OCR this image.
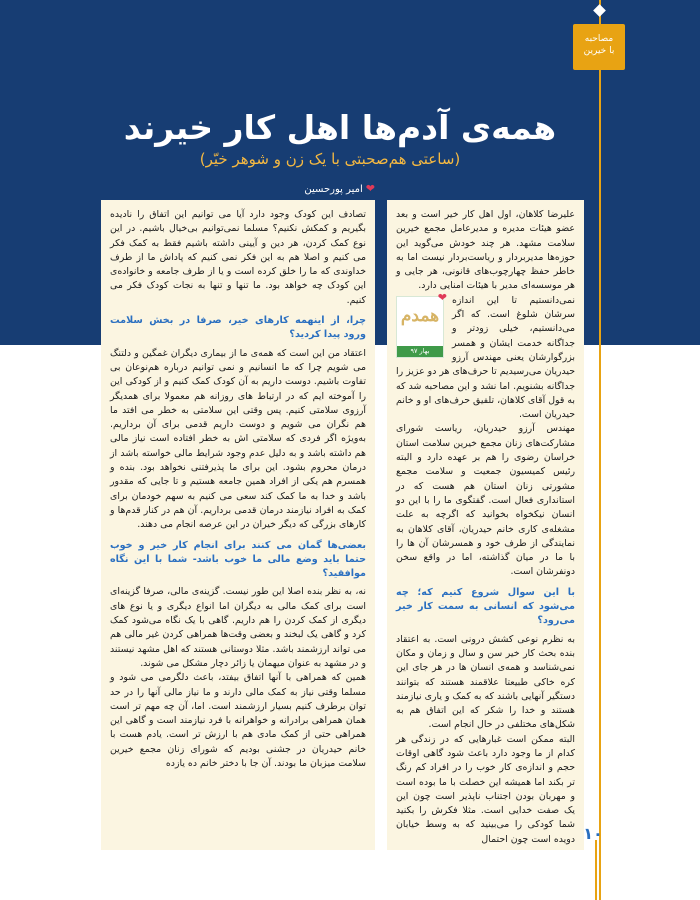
مصاحبه
با خیرین
همه‌ی آدم‌ها اهل کار خیرند
(ساعتی هم‌صحبتی با یک زن و شوهر خیّر)
❤امیر پورحسین

علیرضا کلاهان، اول اهل کار خیر است و بعد عضو هیئات مدیره و مدیرعامل مجمع خیرین سلامت مشهد. هر چند خودش می‌گوید این حوزه‌ها مدیربردار و ریاست‌بردار نیست اما به خاطر حفظ چهارچوب‌های قانونی، هر جایی و هر موسسه‌ای مدیر با هیئات امنایی دارد.

❤
همدم
بهار ۹۷

نمی‌دانستیم تا این اندازه سرشان شلوغ است. که اگر می‌دانستیم، خیلی زودتر و جداگانه خدمت ایشان و همسر بزرگوارشان یعنی مهندس آرزو حیدریان می‌رسیدیم تا حرف‌های هر دو عزیز را جداگانه بشنویم. اما نشد و این مصاحبه شد که به قول آقای کلاهان، تلفیق حرف‌های او و خانم حیدریان است.

مهندس آرزو حیدریان، ریاست شورای مشارکت‌های زنان مجمع خیرین سلامت استان خراسان رضوی را هم بر عهده دارد و البته رئیس کمیسیون جمعیت و سلامت مجمع مشورتی زنان استان هم هست که در استانداری فعال است. گفتگوی ما را با این دو انسان نیکخواه بخوانید که اگرچه به علت مشغله‌ی کاری خانم حیدریان، آقای کلاهان به نمایندگی از طرف خود و همسرشان آن ها را با ما در میان گذاشته، اما در واقع سخن دونفرشان است.

با این سوال شروع کنیم که؛ چه می‌شود که انسانی به سمت کار خیر می‌رود؟

به نظرم نوعی کشش درونی است. به اعتقاد بنده بحث کار خیر سن و سال و زمان و مکان نمی‌شناسد و همه‌ی انسان ها در هر جای این کره خاکی طبیعتا علاقمند هستند که بتوانند دستگیر آنهایی باشند که به کمک و یاری نیازمند هستند و خدا را شکر که این اتفاق هم به شکل‌های مختلفی در حال انجام است.

البته ممکن است غبارهایی که در زندگی هر کدام از ما وجود دارد باعث شود گاهی اوقات حجم و اندازه‌ی کار خوب را در افراد کم رنگ تر بکند اما همیشه این خصلت با ما بوده است و مهربان بودن اجتناب ناپذیر است چون این یک صفت خدایی است. مثلا فکرش را بکنید شما کودکی را می‌بینید که به وسط خیابان دویده است چون احتمال

تصادف این کودک وجود دارد آیا می توانیم این اتفاق را نادیده بگیریم و کمکش نکنیم؟ مسلما نمی‌توانیم بی‌خیال باشیم. در این نوع کمک کردن، هر دین و آیینی داشته باشیم فقط به کمک فکر می کنیم و اصلا هم به این فکر نمی کنیم که پاداش ما از طرف خداوندی که ما را خلق کرده است و یا از طرف جامعه و خانواده‌ی این کودک چه خواهد بود. ما تنها و تنها به نجات کودک فکر می کنیم.

چرا، از اینهمه کارهای خیر، صرفا در بخش سلامت ورود پیدا کردید؟

اعتقاد من این است که همه‌ی ما از بیماری دیگران غمگین و دلتنگ می شویم چرا که ما انسانیم و نمی توانیم درباره هم‌نوعان بی تفاوت باشیم. دوست داریم به آن کودک کمک کنیم و از کودکی این را آموخته ایم که در ارتباط های روزانه هم معمولا برای همدیگر آرزوی سلامتی کنیم. پس وقتی این سلامتی به خطر می افتد ما هم نگران می شویم و دوست داریم قدمی برای آن برداریم. به‌ویژه اگر فردی که سلامتی اش به خطر افتاده است نیاز مالی هم داشته باشد و به دلیل عدم وجود شرایط مالی خواسته باشد از درمان محروم بشود. این برای ما پذیرفتنی نخواهد بود. بنده و همسرم هم یکی از افراد همین جامعه هستیم و تا جایی که مقدور باشد و خدا به ما کمک کند سعی می کنیم به سهم خودمان برای کمک به افراد نیازمند درمان قدمی برداریم. آن هم در کنار قدم‌ها و کارهای بزرگی که دیگر خیران در این عرصه انجام می دهند.

بعضی‌ها گمان می کنند برای انجام کار خیر و خوب حتما باید وضع مالی ما خوب باشد- شما با این نگاه موافقید؟

نه، به نظر بنده اصلا این طور نیست. گزینه‌ی مالی، صرفا گزینه‌ای است برای کمک مالی به دیگران اما انواع دیگری و یا نوع های دیگری از کمک کردن را هم داریم. گاهی با یک نگاه می‌شود کمک کرد و گاهی یک لبخند و بعضی وقت‌ها همراهی کردن غیر مالی هم می تواند ارزشمند باشد. مثلا دوستانی هستند که اهل مشهد نیستند و در مشهد به عنوان میهمان یا زائر دچار مشکل می شوند.

همین که همراهی با آنها اتفاق بیفتد، باعث دلگرمی می شود و مسلما وقتی نیاز به کمک مالی دارند و ما نیاز مالی آنها را در حد توان برطرف کنیم بسیار ارزشمند است. اما، آن چه مهم تر است همان همراهی برادرانه و خواهرانه با فرد نیازمند است و گاهی این همراهی حتی از کمک مادی هم با ارزش تر است. یادم هست با خانم حیدریان در جشنی بودیم که شورای زنان مجمع خیرین سلامت میزبان ما بودند. آن جا با دختر خانم ده یازده

۱۰
